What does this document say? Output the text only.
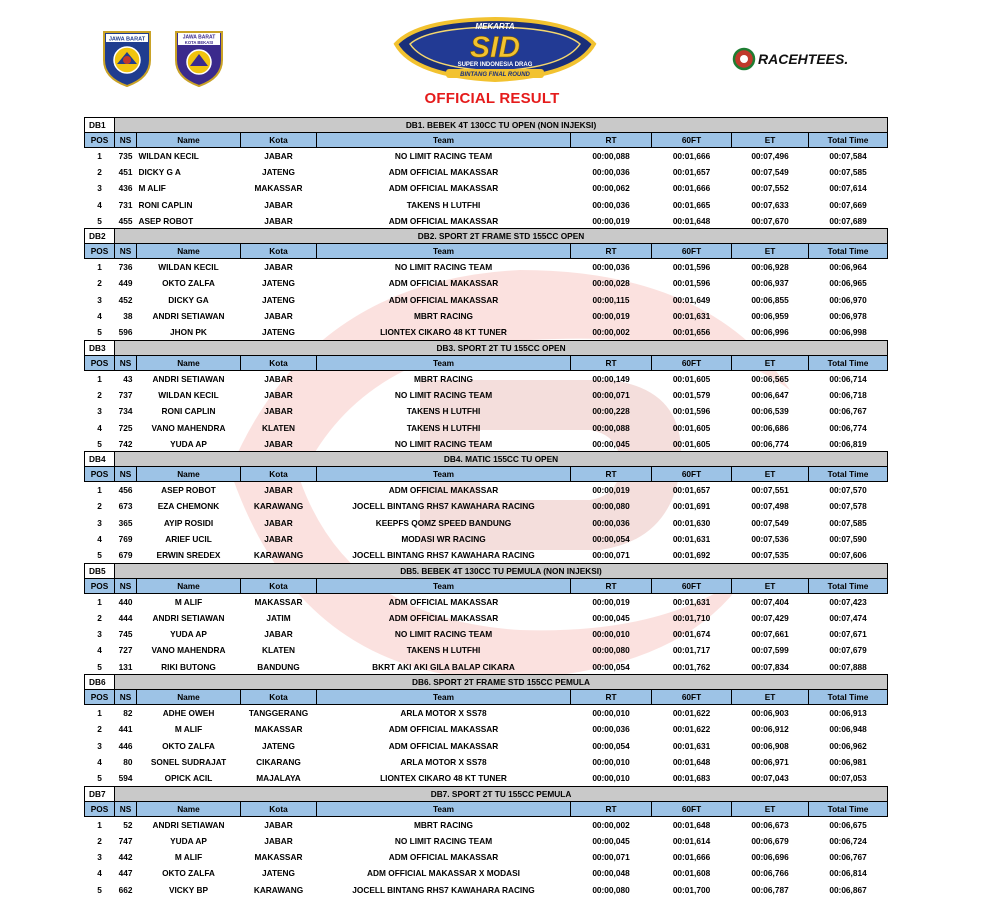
JAWA BARAT	JAWA BARAT
KOTA BEKASI
MEKARTA
SID
SUPER INDONESIA DRAG
BINTANG FINAL ROUND
RACEHTEES.
OFFICIAL RESULT
DB1	DB1. BEBEK 4T 130CC TU OPEN (NON INJEKSI)							
POS	NS	Name	Kota	Team	RT	60FT	ET	Total Time
1	735	WILDAN KECIL	JABAR	NO LIMIT RACING TEAM	00:00,088	00:01,666	00:07,496	00:07,584
2	451	DICKY G A	JATENG	ADM OFFICIAL MAKASSAR	00:00,036	00:01,657	00:07,549	00:07,585
3	436	M ALIF	MAKASSAR	ADM OFFICIAL MAKASSAR	00:00,062	00:01,666	00:07,552	00:07,614
4	731	RONI CAPLIN	JABAR	TAKENS H LUTFHI	00:00,036	00:01,665	00:07,633	00:07,669
5	455	ASEP ROBOT	JABAR	ADM OFFICIAL MAKASSAR	00:00,019	00:01,648	00:07,670	00:07,689
DB2	DB2. SPORT 2T FRAME STD 155CC OPEN							
POS	NS	Name	Kota	Team	RT	60FT	ET	Total Time
1	736	WILDAN KECIL	JABAR	NO LIMIT RACING TEAM	00:00,036	00:01,596	00:06,928	00:06,964
2	449	OKTO ZALFA	JATENG	ADM OFFICIAL MAKASSAR	00:00,028	00:01,596	00:06,937	00:06,965
3	452	DICKY GA	JATENG	ADM OFFICIAL MAKASSAR	00:00,115	00:01,649	00:06,855	00:06,970
4	38	ANDRI SETIAWAN	JABAR	MBRT RACING	00:00,019	00:01,631	00:06,959	00:06,978
5	596	JHON PK	JATENG	LIONTEX CIKARO 48 KT TUNER	00:00,002	00:01,656	00:06,996	00:06,998
DB3	DB3. SPORT 2T TU 155CC OPEN							
POS	NS	Name	Kota	Team	RT	60FT	ET	Total Time
1	43	ANDRI SETIAWAN	JABAR	MBRT RACING	00:00,149	00:01,605	00:06,565	00:06,714
2	737	WILDAN KECIL	JABAR	NO LIMIT RACING TEAM	00:00,071	00:01,579	00:06,647	00:06,718
3	734	RONI CAPLIN	JABAR	TAKENS H LUTFHI	00:00,228	00:01,596	00:06,539	00:06,767
4	725	VANO MAHENDRA	KLATEN	TAKENS H LUTFHI	00:00,088	00:01,605	00:06,686	00:06,774
5	742	YUDA AP	JABAR	NO LIMIT RACING TEAM	00:00,045	00:01,605	00:06,774	00:06,819
DB4	DB4. MATIC 155CC TU OPEN							
POS	NS	Name	Kota	Team	RT	60FT	ET	Total Time
1	456	ASEP ROBOT	JABAR	ADM OFFICIAL MAKASSAR	00:00,019	00:01,657	00:07,551	00:07,570
2	673	EZA CHEMONK	KARAWANG	JOCELL BINTANG RHS7 KAWAHARA RACING	00:00,080	00:01,691	00:07,498	00:07,578
3	365	AYIP ROSIDI	JABAR	KEEPFS QOMZ SPEED BANDUNG	00:00,036	00:01,630	00:07,549	00:07,585
4	769	ARIEF UCIL	JABAR	MODASI WR RACING	00:00,054	00:01,631	00:07,536	00:07,590
5	679	ERWIN SREDEX	KARAWANG	JOCELL BINTANG RHS7 KAWAHARA RACING	00:00,071	00:01,692	00:07,535	00:07,606
DB5	DB5. BEBEK 4T 130CC TU PEMULA (NON INJEKSI)							
POS	NS	Name	Kota	Team	RT	60FT	ET	Total Time
1	440	M ALIF	MAKASSAR	ADM OFFICIAL MAKASSAR	00:00,019	00:01,631	00:07,404	00:07,423
2	444	ANDRI SETIAWAN	JATIM	ADM OFFICIAL MAKASSAR	00:00,045	00:01,710	00:07,429	00:07,474
3	745	YUDA AP	JABAR	NO LIMIT RACING TEAM	00:00,010	00:01,674	00:07,661	00:07,671
4	727	VANO MAHENDRA	KLATEN	TAKENS H LUTFHI	00:00,080	00:01,717	00:07,599	00:07,679
5	131	RIKI BUTONG	BANDUNG	BKRT AKI AKI GILA BALAP CIKARA	00:00,054	00:01,762	00:07,834	00:07,888
DB6	DB6. SPORT 2T FRAME STD 155CC PEMULA							
POS	NS	Name	Kota	Team	RT	60FT	ET	Total Time
1	82	ADHE OWEH	TANGGERANG	ARLA MOTOR X SS78	00:00,010	00:01,622	00:06,903	00:06,913
2	441	M ALIF	MAKASSAR	ADM OFFICIAL MAKASSAR	00:00,036	00:01,622	00:06,912	00:06,948
3	446	OKTO ZALFA	JATENG	ADM OFFICIAL MAKASSAR	00:00,054	00:01,631	00:06,908	00:06,962
4	80	SONEL SUDRAJAT	CIKARANG	ARLA MOTOR X SS78	00:00,010	00:01,648	00:06,971	00:06,981
5	594	OPICK ACIL	MAJALAYA	LIONTEX CIKARO 48 KT TUNER	00:00,010	00:01,683	00:07,043	00:07,053
DB7	DB7. SPORT 2T TU 155CC PEMULA							
POS	NS	Name	Kota	Team	RT	60FT	ET	Total Time
1	52	ANDRI SETIAWAN	JABAR	MBRT RACING	00:00,002	00:01,648	00:06,673	00:06,675
2	747	YUDA AP	JABAR	NO LIMIT RACING TEAM	00:00,045	00:01,614	00:06,679	00:06,724
3	442	M ALIF	MAKASSAR	ADM OFFICIAL MAKASSAR	00:00,071	00:01,666	00:06,696	00:06,767
4	447	OKTO ZALFA	JATENG	ADM OFFICIAL MAKASSAR X MODASI	00:00,048	00:01,608	00:06,766	00:06,814
5	662	VICKY BP	KARAWANG	JOCELL BINTANG RHS7 KAWAHARA RACING	00:00,080	00:01,700	00:06,787	00:06,867
